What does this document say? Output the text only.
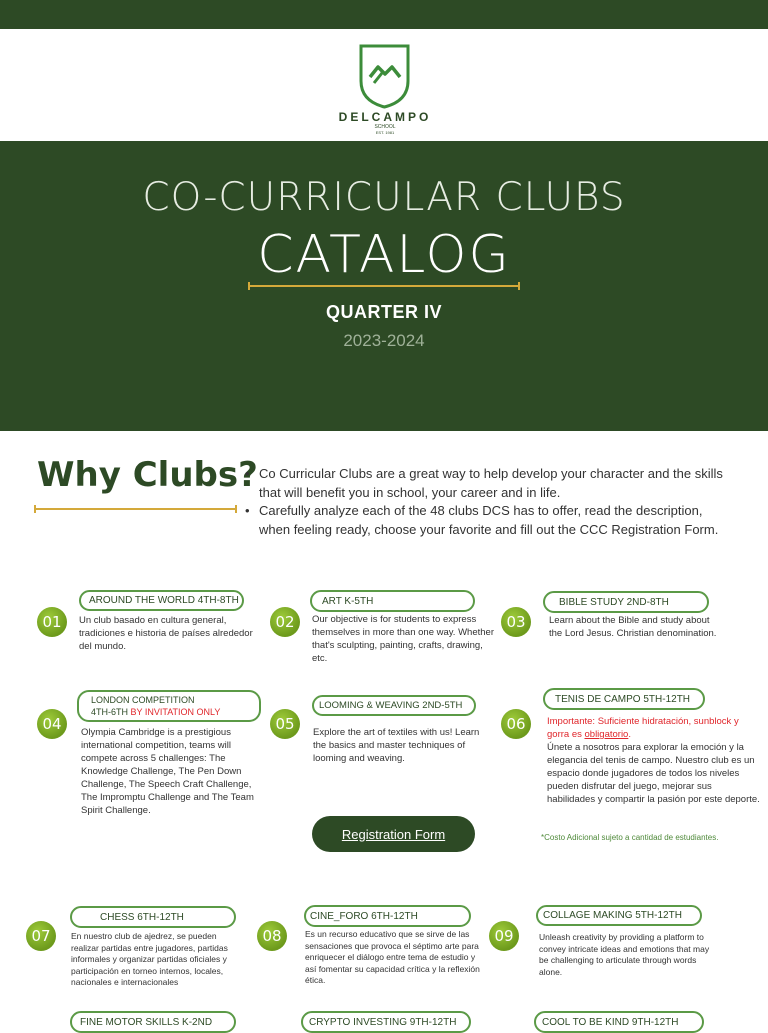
DELCAMPO
SCHOOL
EST. 1981
CO-CURRICULAR CLUBS
CATALOG
QUARTER IV
2023-2024
Why Clubs?
• Co Curricular Clubs are a great way to help develop your character and the skills that will benefit you in school, your career and in life.
• Carefully analyze each of the 48 clubs DCS has to offer, read the description, when feeling ready, choose your favorite and fill out the CCC Registration Form.
01
AROUND THE WORLD 4TH-8TH
Un club basado en cultura general, tradiciones e historia de países alrededor del mundo.
02
ART K-5TH
Our objective is for students to express themselves in more than one way. Whether that's sculpting, painting, crafts, drawing, etc.
03
BIBLE STUDY 2ND-8TH
Learn about the Bible and study about the Lord Jesus. Christian denomination.
04
LONDON COMPETITION
4TH-6TH BY INVITATION ONLY
Olympia Cambridge is a prestigious international competition, teams will compete across 5 challenges: The Knowledge Challenge, The Pen Down Challenge, The Speech Craft Challenge, The Impromptu Challenge and The Team Spirit Challenge.
05
LOOMING & WEAVING 2ND-5TH
Explore the art of textiles with us! Learn the basics and master techniques of looming and weaving.
06
TENIS DE CAMPO 5TH-12TH
Importante: Suficiente hidratación, sunblock y gorra es obligatorio.
Únete a nosotros para explorar la emoción y la elegancia del tenis de campo. Nuestro club es un espacio donde jugadores de todos los niveles pueden disfrutar del juego, mejorar sus habilidades y compartir la pasión por este deporte.
Registration Form	*Costo Adicional sujeto a cantidad de estudiantes.
07
CHESS 6TH-12TH
En nuestro club de ajedrez, se pueden realizar partidas entre jugadores, partidas informales y organizar partidas oficiales y participación en torneo internos, locales, nacionales e internacionales
08
CINE_FORO 6TH-12TH
Es un recurso educativo que se sirve de las sensaciones que provoca el séptimo arte para enriquecer el diálogo entre tema de estudio y así fomentar su capacidad crítica y la reflexión ética.
09
COLLAGE MAKING 5TH-12TH
Unleash creativity by providing a platform to convey intricate ideas and emotions that may be challenging to articulate through words alone.
FINE MOTOR SKILLS K-2ND	CRYPTO INVESTING 9TH-12TH	COOL TO BE KIND 9TH-12TH
